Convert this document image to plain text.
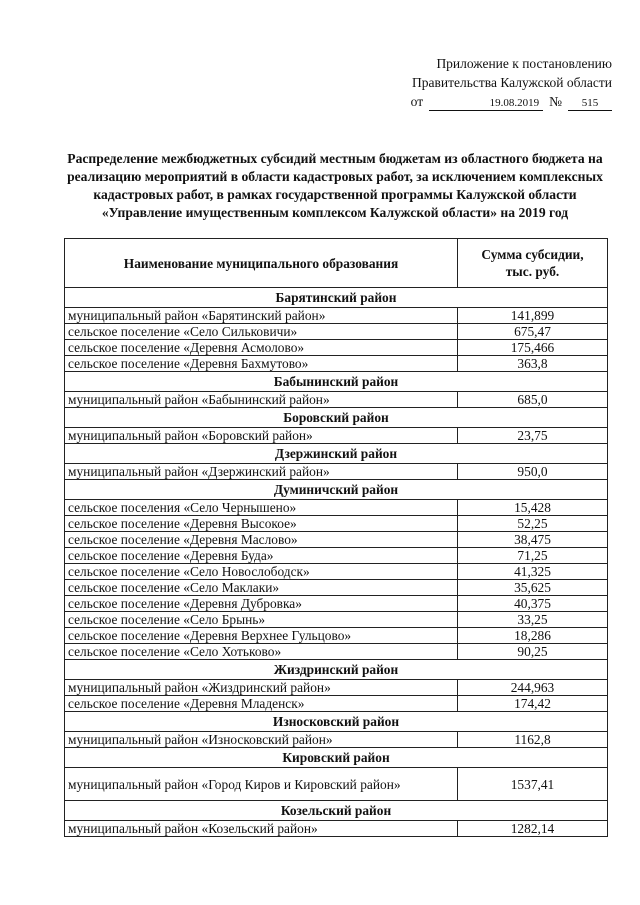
Приложение к постановлению
Правительства Калужской области
от	19.08.2019 №	515
Распределение межбюджетных субсидий местным бюджетам из областного бюджета на реализацию мероприятий в области кадастровых работ, за исключением комплексных кадастровых работ, в рамках государственной программы Калужской области «Управление имущественным комплексом Калужской области» на 2019 год
Наименование муниципального образования	Сумма субсидии,
тыс. руб.

Барятинский район	
муниципальный район «Барятинский район»	141,899
сельское поселение «Село Сильковичи»	675,47
сельское поселение «Деревня Асмолово»	175,466
сельское поселение «Деревня Бахмутово»	363,8
Бабынинский район	
муниципальный район «Бабынинский район»	685,0
Боровский район	
муниципальный район «Боровский район»	23,75
Дзержинский район	
муниципальный район «Дзержинский район»	950,0
Думиничский район	
сельское поселения «Село Чернышено»	15,428
сельское поселение «Деревня Высокое»	52,25
сельское поселение «Деревня Маслово»	38,475
сельское поселение «Деревня Буда»	71,25
сельское поселение «Село Новослободск»	41,325
сельское поселение «Село Маклаки»	35,625
сельское поселение «Деревня Дубровка»	40,375
сельское поселение «Село Брынь»	33,25
сельское поселение «Деревня Верхнее Гульцово»	18,286
сельское поселение «Село Хотьково»	90,25
Жиздринский район	
муниципальный район «Жиздринский район»	244,963
сельское поселение «Деревня Младенск»	174,42
Износковский район	
муниципальный район «Износковский район»	1162,8
Кировский район	
муниципальный район «Город Киров и Кировский район»	1537,41
Козельский район	
муниципальный район «Козельский район»	1282,14
